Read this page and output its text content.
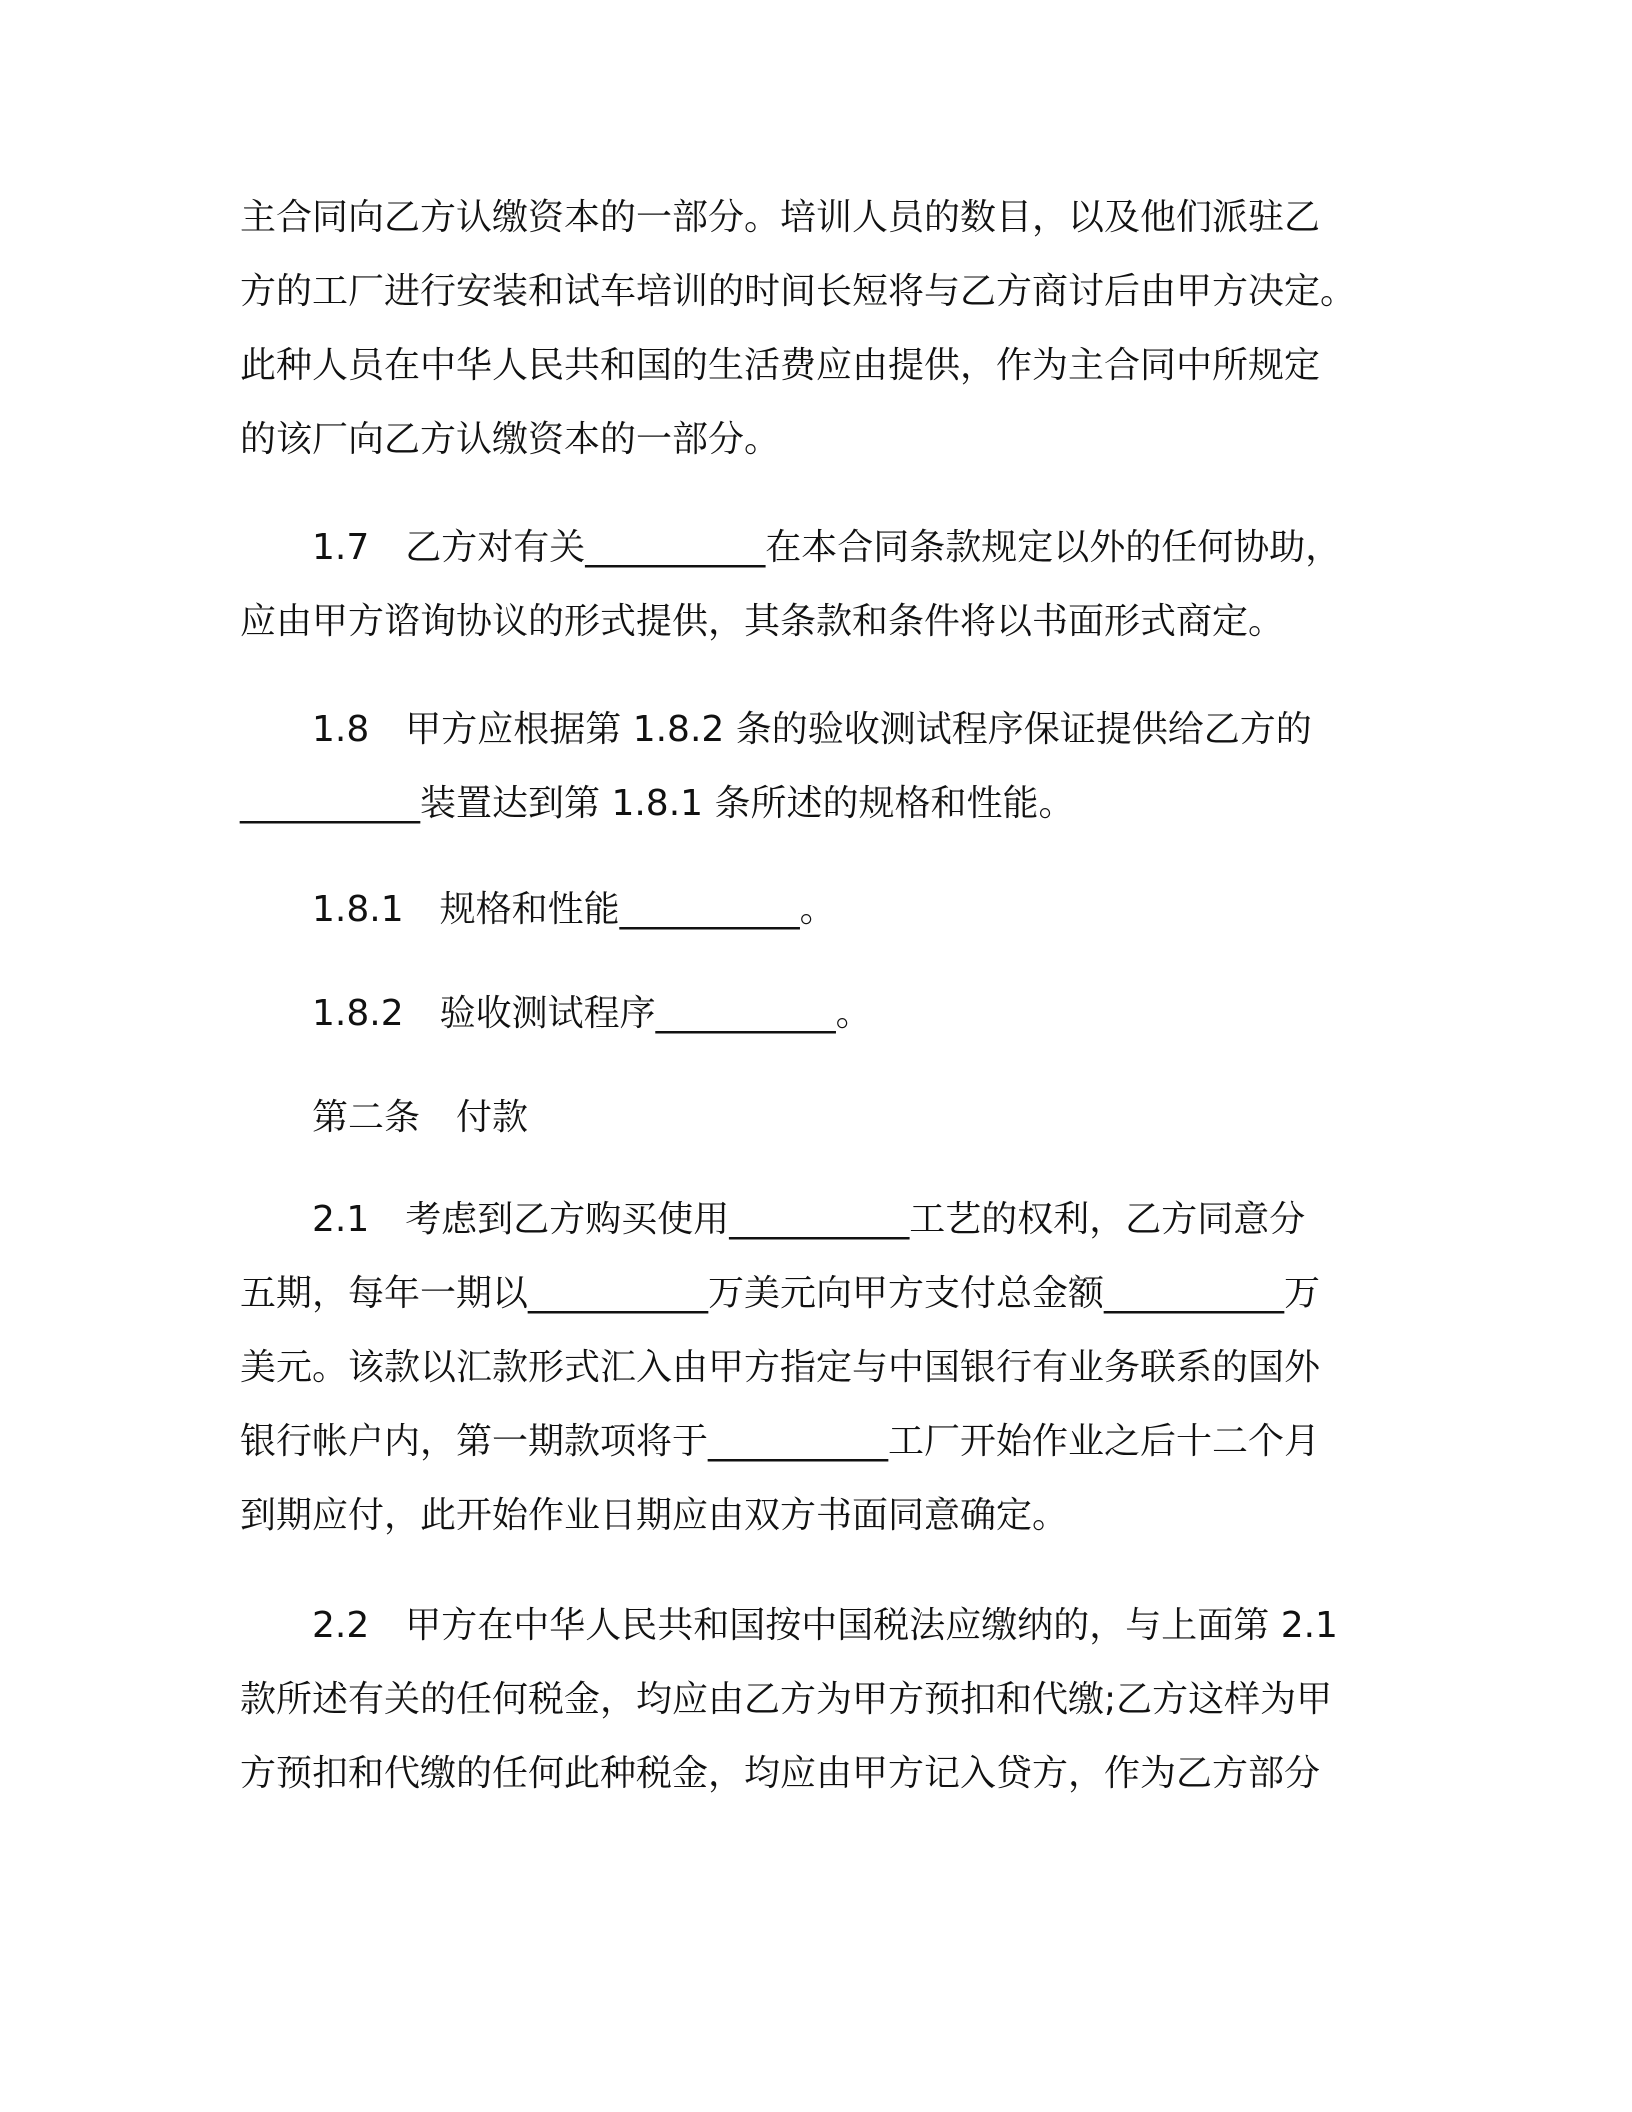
主合同向乙方认缴资本的一部分。培训人员的数目，以及他们派驻乙
方的工厂进行安装和试车培训的时间长短将与乙方商讨后由甲方决定。
此种人员在中华人民共和国的生活费应由提供，作为主合同中所规定
的该厂向乙方认缴资本的一部分。
　　1.7　乙方对有关__________在本合同条款规定以外的任何协助，
应由甲方谘询协议的形式提供，其条款和条件将以书面形式商定。
　　1.8　甲方应根据第 1.8.2 条的验收测试程序保证提供给乙方的
__________装置达到第 1.8.1 条所述的规格和性能。
　　1.8.1　规格和性能__________。
　　1.8.2　验收测试程序__________。
　　第二条　付款
　　2.1　考虑到乙方购买使用__________工艺的权利，乙方同意分
五期，每年一期以__________万美元向甲方支付总金额__________万
美元。该款以汇款形式汇入由甲方指定与中国银行有业务联系的国外
银行帐户内，第一期款项将于__________工厂开始作业之后十二个月
到期应付，此开始作业日期应由双方书面同意确定。
　　2.2　甲方在中华人民共和国按中国税法应缴纳的，与上面第 2.1
款所述有关的任何税金，均应由乙方为甲方预扣和代缴;乙方这样为甲
方预扣和代缴的任何此种税金，均应由甲方记入贷方，作为乙方部分
